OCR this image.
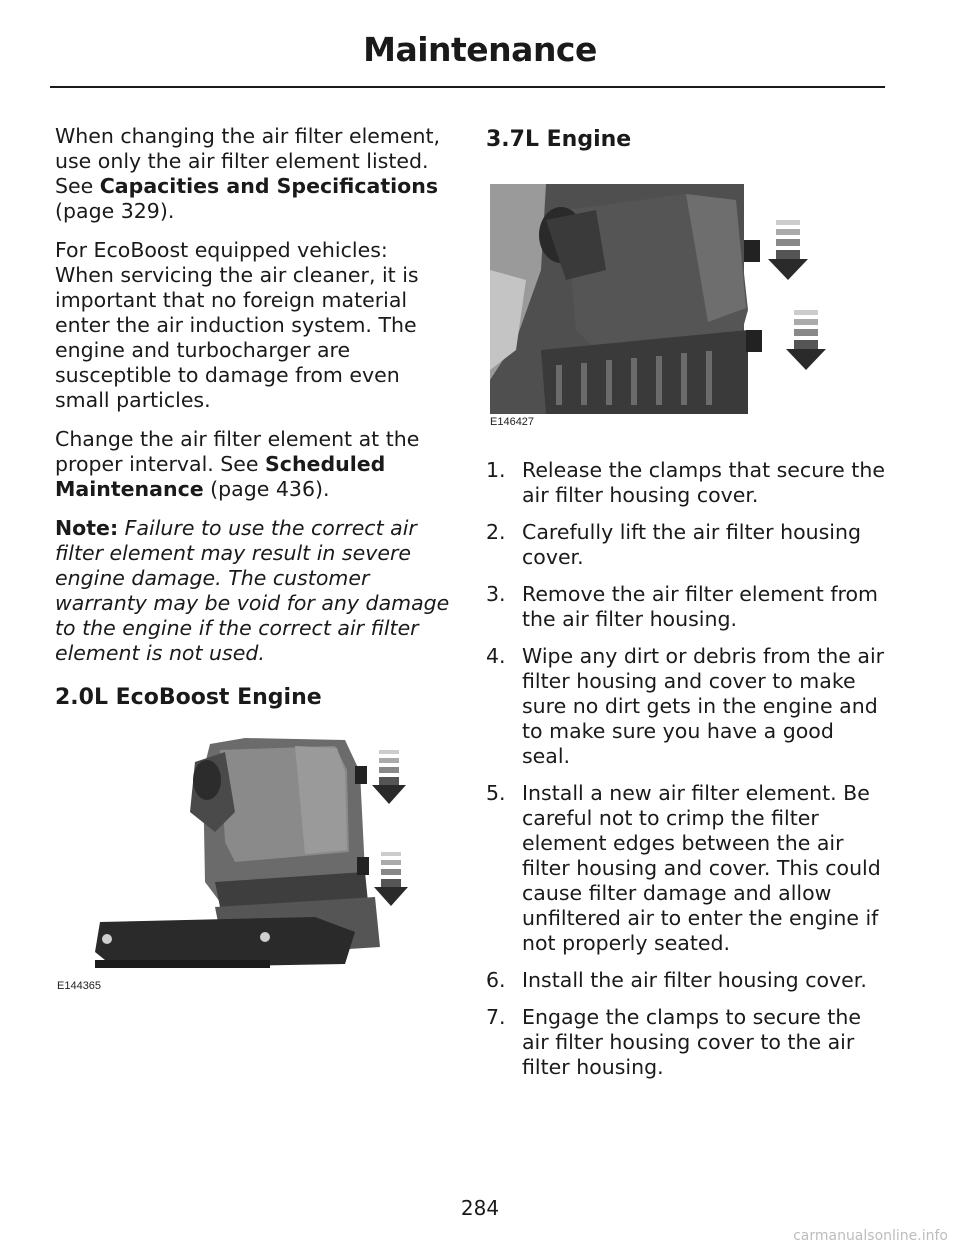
Maintenance

When changing the air filter element, use only the air filter element listed. See Capacities and Specifications (page 329).

For EcoBoost equipped vehicles: When servicing the air cleaner, it is important that no foreign material enter the air induction system. The engine and turbocharger are susceptible to damage from even small particles.

Change the air filter element at the proper interval. See Scheduled Maintenance (page 436).

Note: Failure to use the correct air filter element may result in severe engine damage. The customer warranty may be void for any damage to the engine if the correct air filter element is not used.

2.0L EcoBoost Engine
E144365
3.7L Engine
E146427
1. Release the clamps that secure the air filter housing cover.
2. Carefully lift the air filter housing cover.
3. Remove the air filter element from the air filter housing.
4. Wipe any dirt or debris from the air filter housing and cover to make sure no dirt gets in the engine and to make sure you have a good seal.
5. Install a new air filter element. Be careful not to crimp the filter element edges between the air filter housing and cover. This could cause filter damage and allow unfiltered air to enter the engine if not properly seated.
6. Install the air filter housing cover.
7. Engage the clamps to secure the air filter housing cover to the air filter housing.
284
carmanualsonline.info
